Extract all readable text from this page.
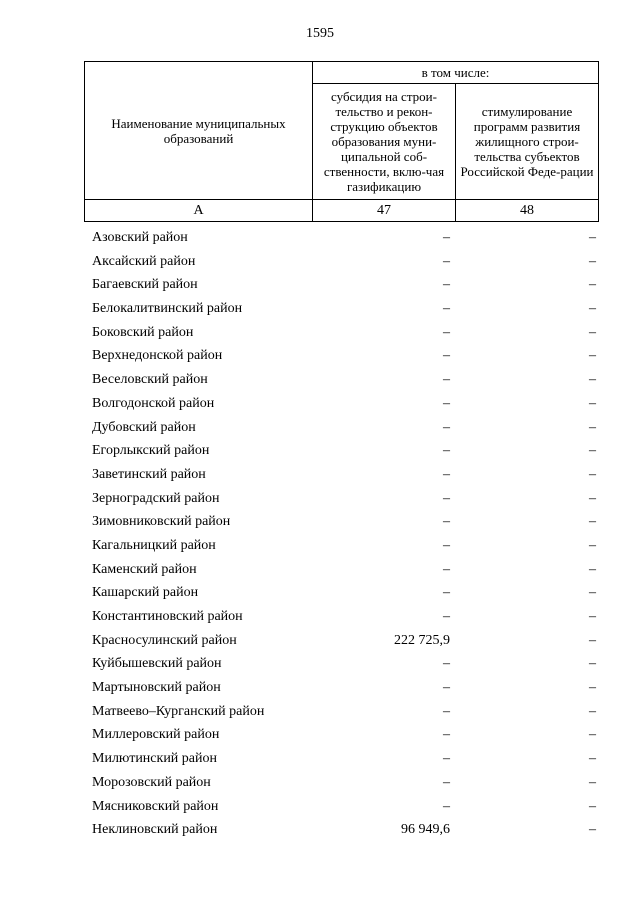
1595
Наименование муниципальных образований	в том числе:	

	субсидия на строи-тельство и рекон-струкцию объектов образования муни-ципальной соб-ственности, вклю-чая газификацию	стимулирование программ развития жилищного строи-тельства субъектов Российской Феде-рации

А	47	48
Азовский район	–	–
Аксайский район	–	–
Багаевский район	–	–
Белокалитвинский район	–	–
Боковский район	–	–
Верхнедонской район	–	–
Веселовский район	–	–
Волгодонской район	–	–
Дубовский район	–	–
Егорлыкский район	–	–
Заветинский район	–	–
Зерноградский район	–	–
Зимовниковский район	–	–
Кагальницкий район	–	–
Каменский район	–	–
Кашарский район	–	–
Константиновский район	–	–
Красносулинский район	222 725,9	–
Куйбышевский район	–	–
Мартыновский район	–	–
Матвеево–Курганский район	–	–
Миллеровский район	–	–
Милютинский район	–	–
Морозовский район	–	–
Мясниковский район	–	–
Неклиновский район	96 949,6	–
